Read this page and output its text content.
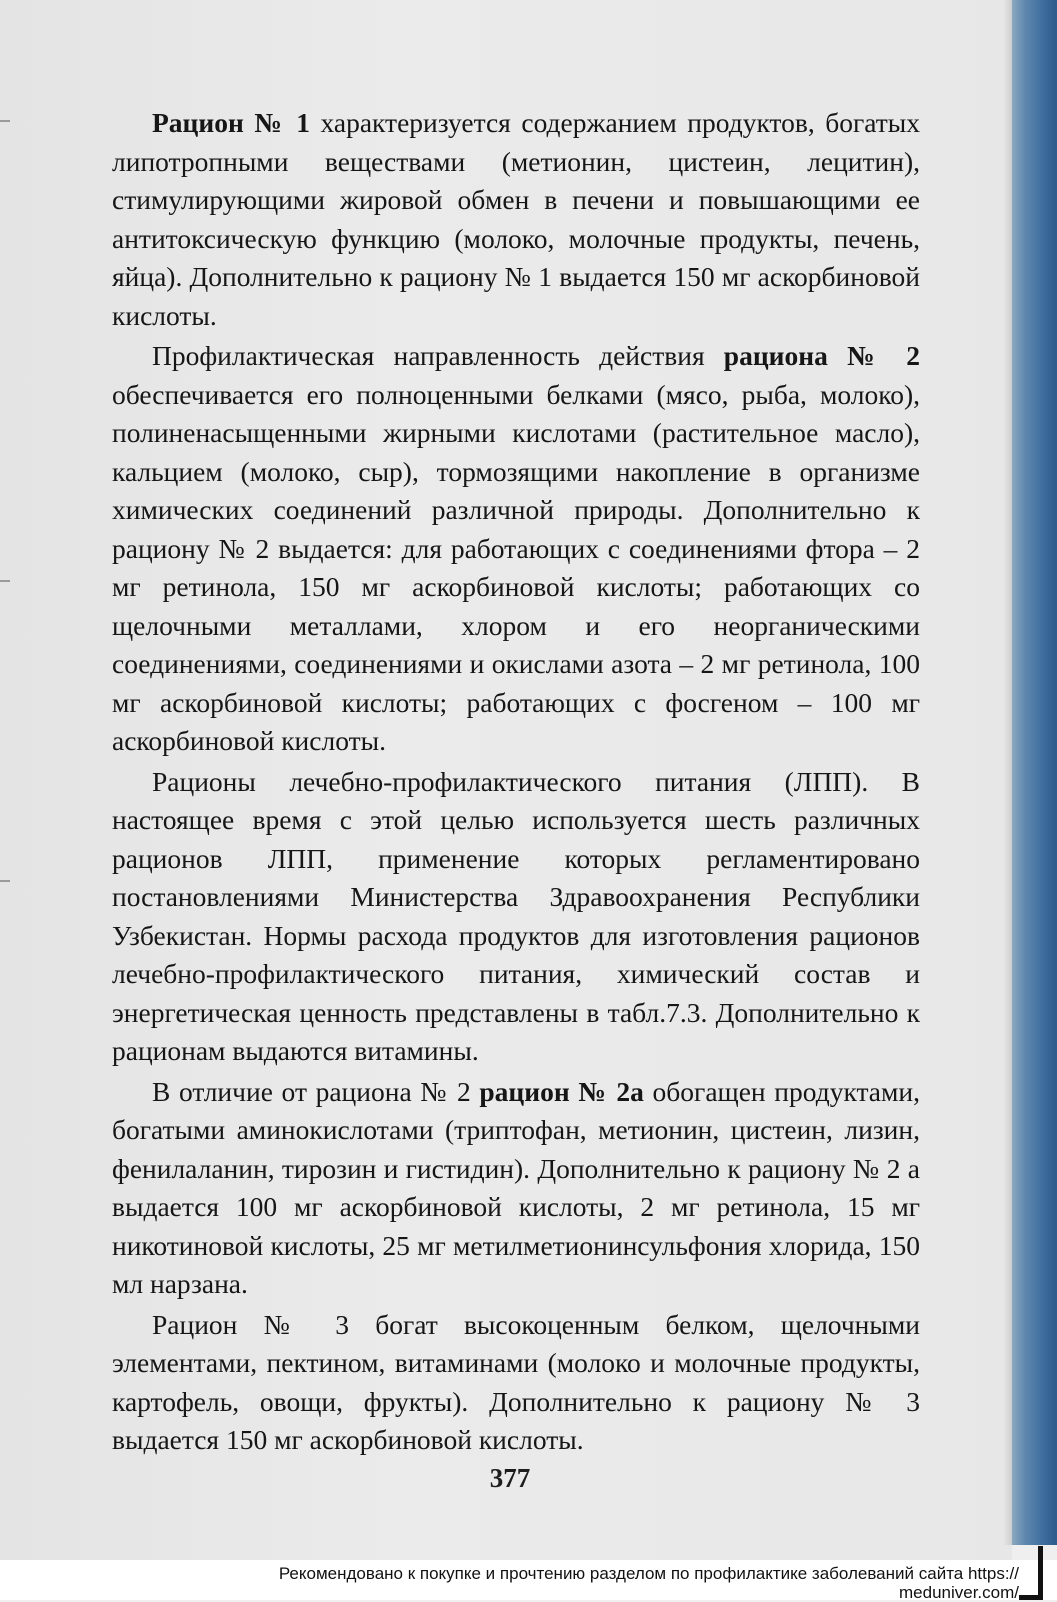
Рацион № 1 характеризуется содержанием продуктов, богатых липотропными веществами (метионин, цистеин, лецитин), стимулирующими жировой обмен в печени и повышающими ее антитоксическую функцию (молоко, молочные продукты, печень, яйца). Дополнительно к рациону № 1 выдается 150 мг аскорбиновой кислоты.

Профилактическая направленность действия рациона № 2 обеспечивается его полноценными белками (мясо, рыба, молоко), полиненасыщенными жирными кислотами (растительное масло), кальцием (молоко, сыр), тормозящими накопление в организме химических соединений различной природы. Дополнительно к рациону № 2 выдается: для работающих с соединениями фтора – 2 мг ретинола, 150 мг аскорбиновой кислоты; работающих со щелочными металлами, хлором и его неорганическими соединениями, соединениями и окислами азота – 2 мг ретинола, 100 мг аскорбиновой кислоты; работающих с фосгеном – 100 мг аскорбиновой кислоты.

Рационы лечебно-профилактического питания (ЛПП). В настоящее время с этой целью используется шесть различных рационов ЛПП, применение которых регламентировано постановлениями Министерства Здравоохранения Республики Узбекистан. Нормы расхода продуктов для изготовления рационов лечебно-профилактического питания, химический состав и энергетическая ценность представлены в табл.7.3. Дополнительно к рационам выдаются витамины.

В отличие от рациона № 2 рацион № 2а обогащен продуктами, богатыми аминокислотами (триптофан, метионин, цистеин, лизин, фенилаланин, тирозин и гистидин). Дополнительно к рациону № 2 а выдается 100 мг аскорбиновой кислоты, 2 мг ретинола, 15 мг никотиновой кислоты, 25 мг метилметионинсульфония хлорида, 150 мл нарзана.

Рацион № 3 богат высокоценным белком, щелочными элементами, пектином, витаминами (молоко и молочные продукты, картофель, овощи, фрукты). Дополнительно к рациону № 3 выдается 150 мг аскорбиновой кислоты.

377
Рекомендовано к покупке и прочтению разделом по профилактике заболеваний сайта https://
meduniver.com/
